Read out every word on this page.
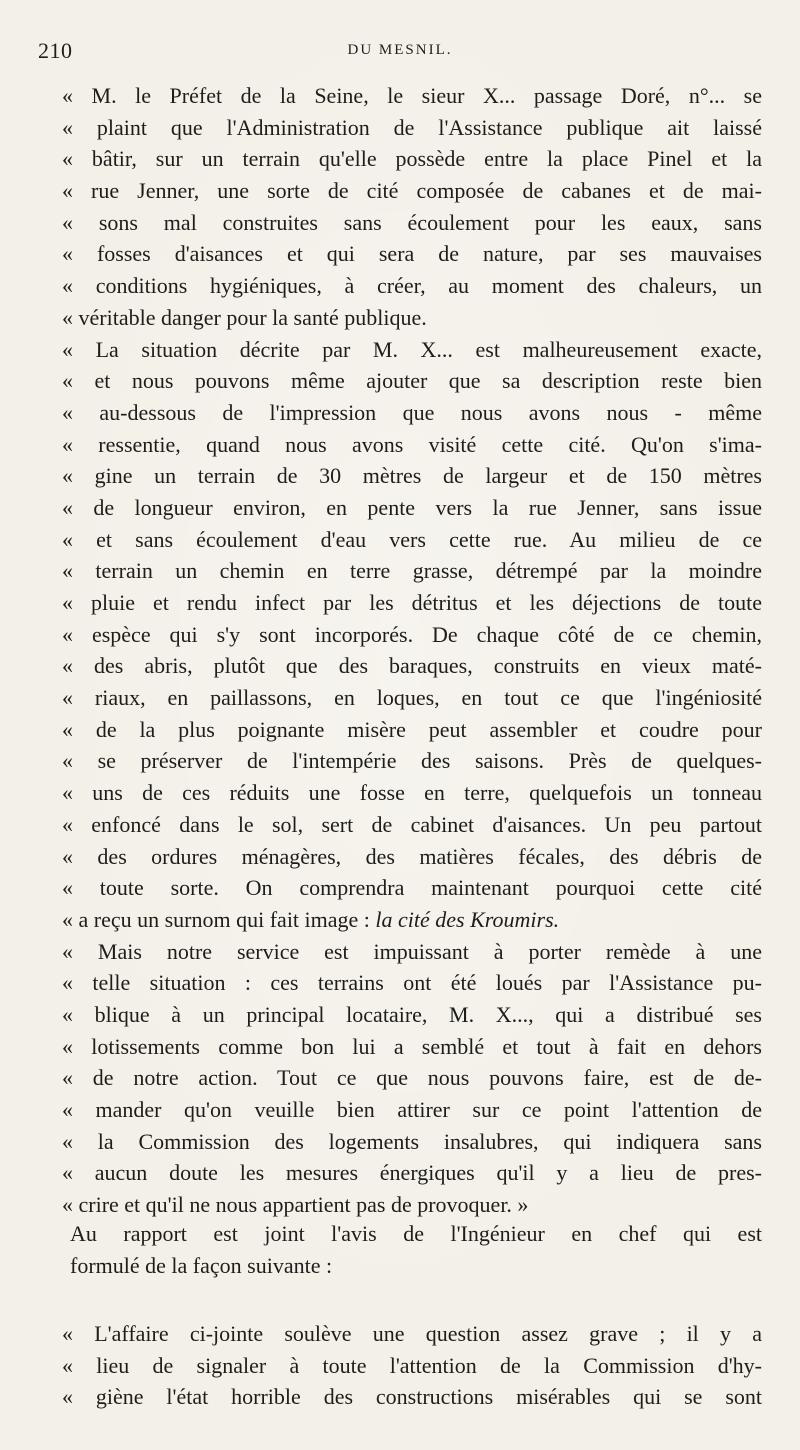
210	DU MESNIL.
« M. le Préfet de la Seine, le sieur X... passage Doré, n°... se
« plaint que l'Administration de l'Assistance publique ait laissé
« bâtir, sur un terrain qu'elle possède entre la place Pinel et la
« rue Jenner, une sorte de cité composée de cabanes et de mai-
« sons mal construites sans écoulement pour les eaux, sans
« fosses d'aisances et qui sera de nature, par ses mauvaises
« conditions hygiéniques, à créer, au moment des chaleurs, un
« véritable danger pour la santé publique.
« La situation décrite par M. X... est malheureusement exacte,
« et nous pouvons même ajouter que sa description reste bien
« au-dessous de l'impression que nous avons nous - même
« ressentie, quand nous avons visité cette cité. Qu'on s'ima-
« gine un terrain de 30 mètres de largeur et de 150 mètres
« de longueur environ, en pente vers la rue Jenner, sans issue
« et sans écoulement d'eau vers cette rue. Au milieu de ce
« terrain un chemin en terre grasse, détrempé par la moindre
« pluie et rendu infect par les détritus et les déjections de toute
« espèce qui s'y sont incorporés. De chaque côté de ce chemin,
« des abris, plutôt que des baraques, construits en vieux maté-
« riaux, en paillassons, en loques, en tout ce que l'ingéniosité
« de la plus poignante misère peut assembler et coudre pour
« se préserver de l'intempérie des saisons. Près de quelques-
« uns de ces réduits une fosse en terre, quelquefois un tonneau
« enfoncé dans le sol, sert de cabinet d'aisances. Un peu partout
« des ordures ménagères, des matières fécales, des débris de
« toute sorte. On comprendra maintenant pourquoi cette cité
« a reçu un surnom qui fait image : la cité des Kroumirs.
« Mais notre service est impuissant à porter remède à une
« telle situation : ces terrains ont été loués par l'Assistance pu-
« blique à un principal locataire, M. X..., qui a distribué ses
« lotissements comme bon lui a semblé et tout à fait en dehors
« de notre action. Tout ce que nous pouvons faire, est de de-
« mander qu'on veuille bien attirer sur ce point l'attention de
« la Commission des logements insalubres, qui indiquera sans
« aucun doute les mesures énergiques qu'il y a lieu de pres-
« crire et qu'il ne nous appartient pas de provoquer. »
Au rapport est joint l'avis de l'Ingénieur en chef qui est
formulé de la façon suivante :
« L'affaire ci-jointe soulève une question assez grave ; il y a
« lieu de signaler à toute l'attention de la Commission d'hy-
« giène l'état horrible des constructions misérables qui se sont
